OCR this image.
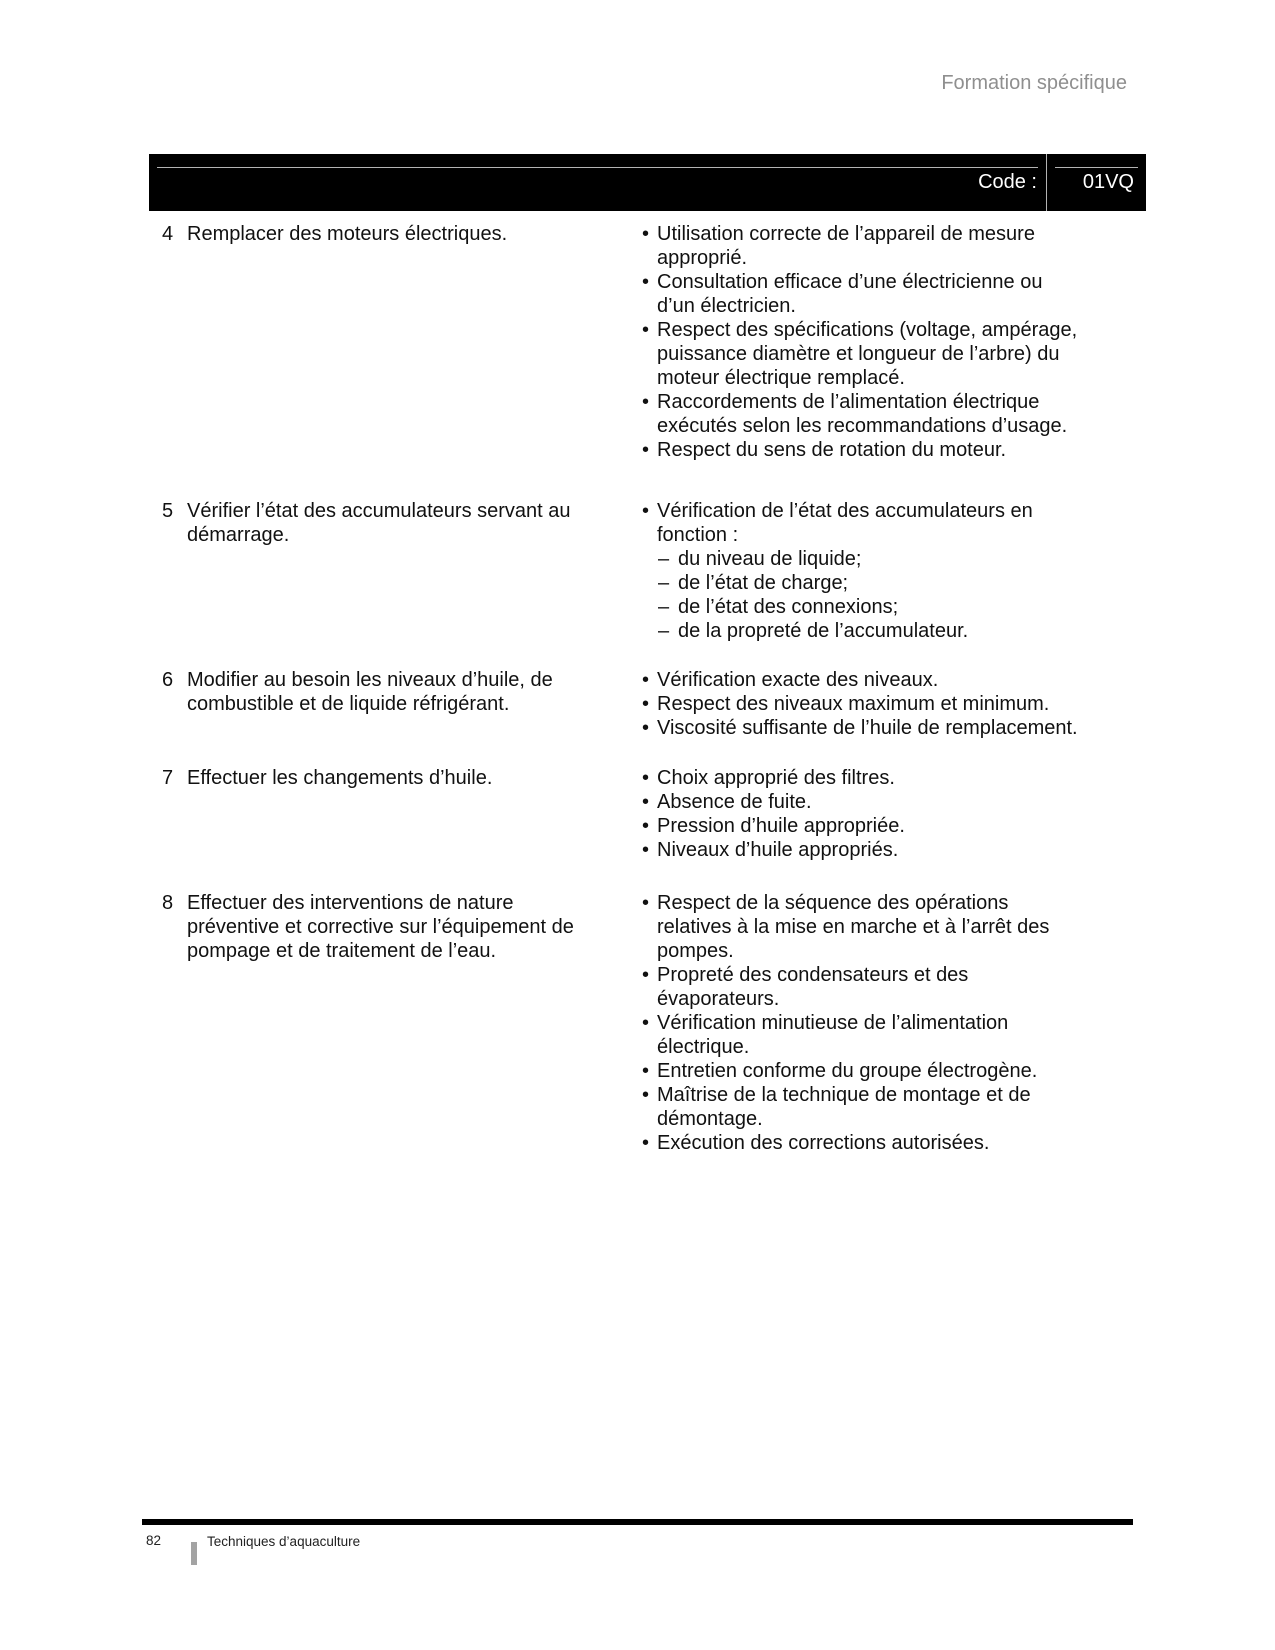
Formation spécifique
Code : 01VQ
4 Remplacer des moteurs électriques.	• Utilisation correcte de l’appareil de mesure approprié.
• Consultation efficace d’une électricienne ou d’un électricien.
• Respect des spécifications (voltage, ampérage, puissance diamètre et longueur de l’arbre) du moteur électrique remplacé.
• Raccordements de l’alimentation électrique exécutés selon les recommandations d’usage.
• Respect du sens de rotation du moteur.
5 Vérifier l’état des accumulateurs servant au démarrage.
• Vérification de l’état des accumulateurs en fonction :
– du niveau de liquide;
– de l’état de charge;
– de l’état des connexions;
– de la propreté de l’accumulateur.
6 Modifier au besoin les niveaux d’huile, de combustible et de liquide réfrigérant.
• Vérification exacte des niveaux.
• Respect des niveaux maximum et minimum.
• Viscosité suffisante de l’huile de remplacement.
7 Effectuer les changements d’huile.	• Choix approprié des filtres.
• Absence de fuite.
• Pression d’huile appropriée.
• Niveaux d’huile appropriés.
8 Effectuer des interventions de nature préventive et corrective sur l’équipement de pompage et de traitement de l’eau.
• Respect de la séquence des opérations relatives à la mise en marche et à l’arrêt des pompes.
• Propreté des condensateurs et des évaporateurs.
• Vérification minutieuse de l’alimentation électrique.
• Entretien conforme du groupe électrogène.
• Maîtrise de la technique de montage et de démontage.
• Exécution des corrections autorisées.
82	Techniques d’aquaculture
